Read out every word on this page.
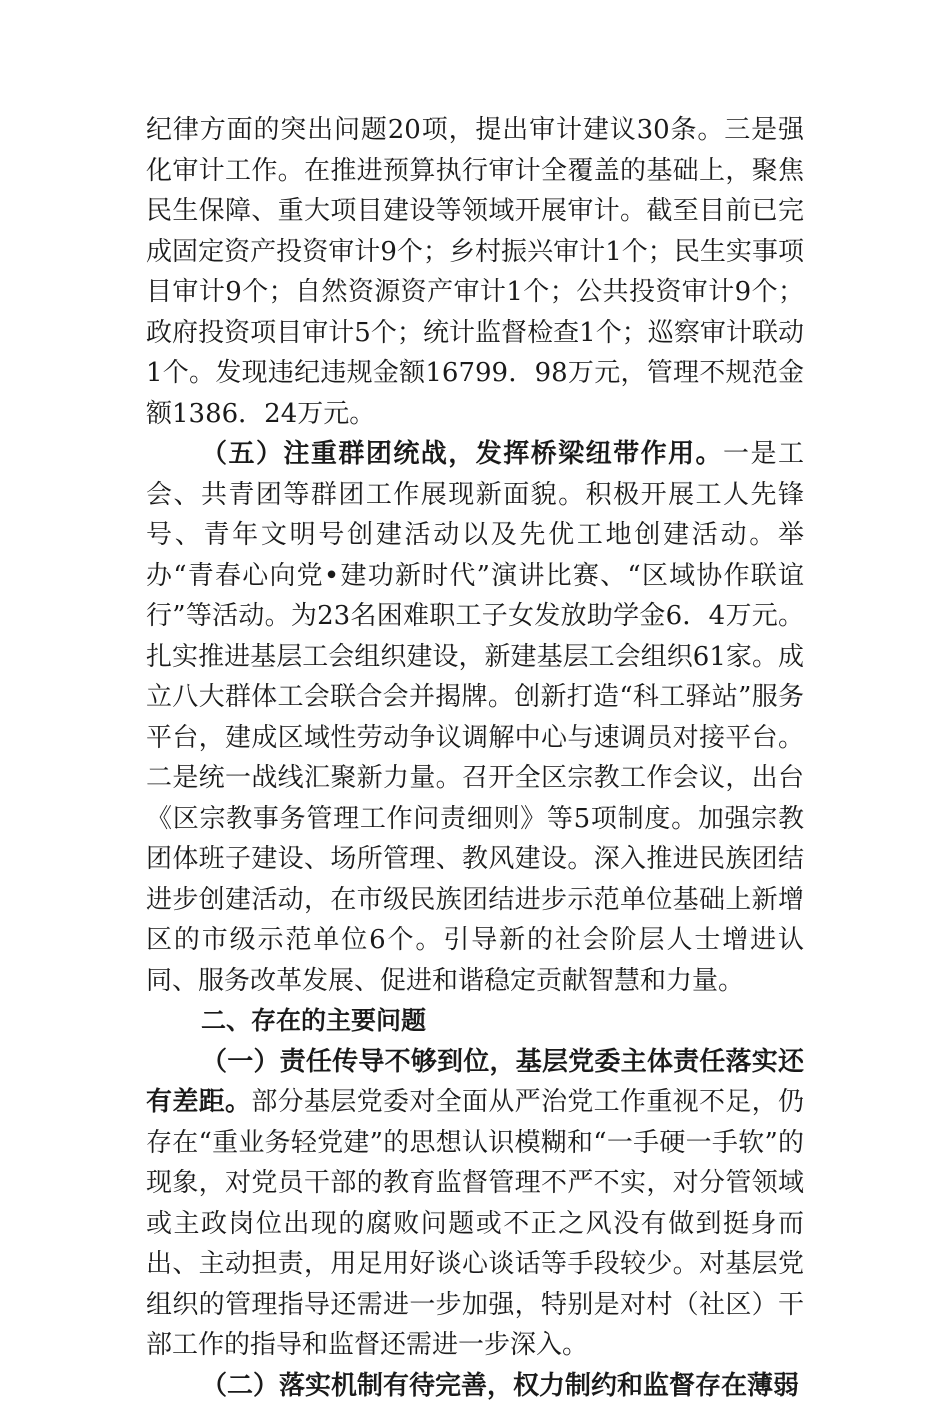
纪律方面的突出问题20项，提出审计建议30条。三是强化审计工作。在推进预算执行审计全覆盖的基础上，聚焦民生保障、重大项目建设等领域开展审计。截至目前已完成固定资产投资审计9个；乡村振兴审计1个；民生实事项目审计9个；自然资源资产审计1个；公共投资审计9个；政府投资项目审计5个；统计监督检查1个；巡察审计联动1个。发现违纪违规金额16799．98万元，管理不规范金额1386．24万元。

（五）注重群团统战，发挥桥梁纽带作用。一是工会、共青团等群团工作展现新面貌。积极开展工人先锋号、青年文明号创建活动以及先优工地创建活动。举办“青春心向党•建功新时代”演讲比赛、“区域协作联谊行”等活动。为23名困难职工子女发放助学金6．4万元。扎实推进基层工会组织建设，新建基层工会组织61家。成立八大群体工会联合会并揭牌。创新打造“科工驿站”服务平台，建成区域性劳动争议调解中心与速调员对接平台。二是统一战线汇聚新力量。召开全区宗教工作会议，出台《区宗教事务管理工作问责细则》等5项制度。加强宗教团体班子建设、场所管理、教风建设。深入推进民族团结进步创建活动，在市级民族团结进步示范单位基础上新增区的市级示范单位6个。引导新的社会阶层人士增进认同、服务改革发展、促进和谐稳定贡献智慧和力量。

二、存在的主要问题

（一）责任传导不够到位，基层党委主体责任落实还有差距。部分基层党委对全面从严治党工作重视不足，仍存在“重业务轻党建”的思想认识模糊和“一手硬一手软”的现象，对党员干部的教育监督管理不严不实，对分管领域或主政岗位出现的腐败问题或不正之风没有做到挺身而出、主动担责，用足用好谈心谈话等手段较少。对基层党组织的管理指导还需进一步加强，特别是对村（社区）干部工作的指导和监督还需进一步深入。

（二）落实机制有待完善，权力制约和监督存在薄弱
